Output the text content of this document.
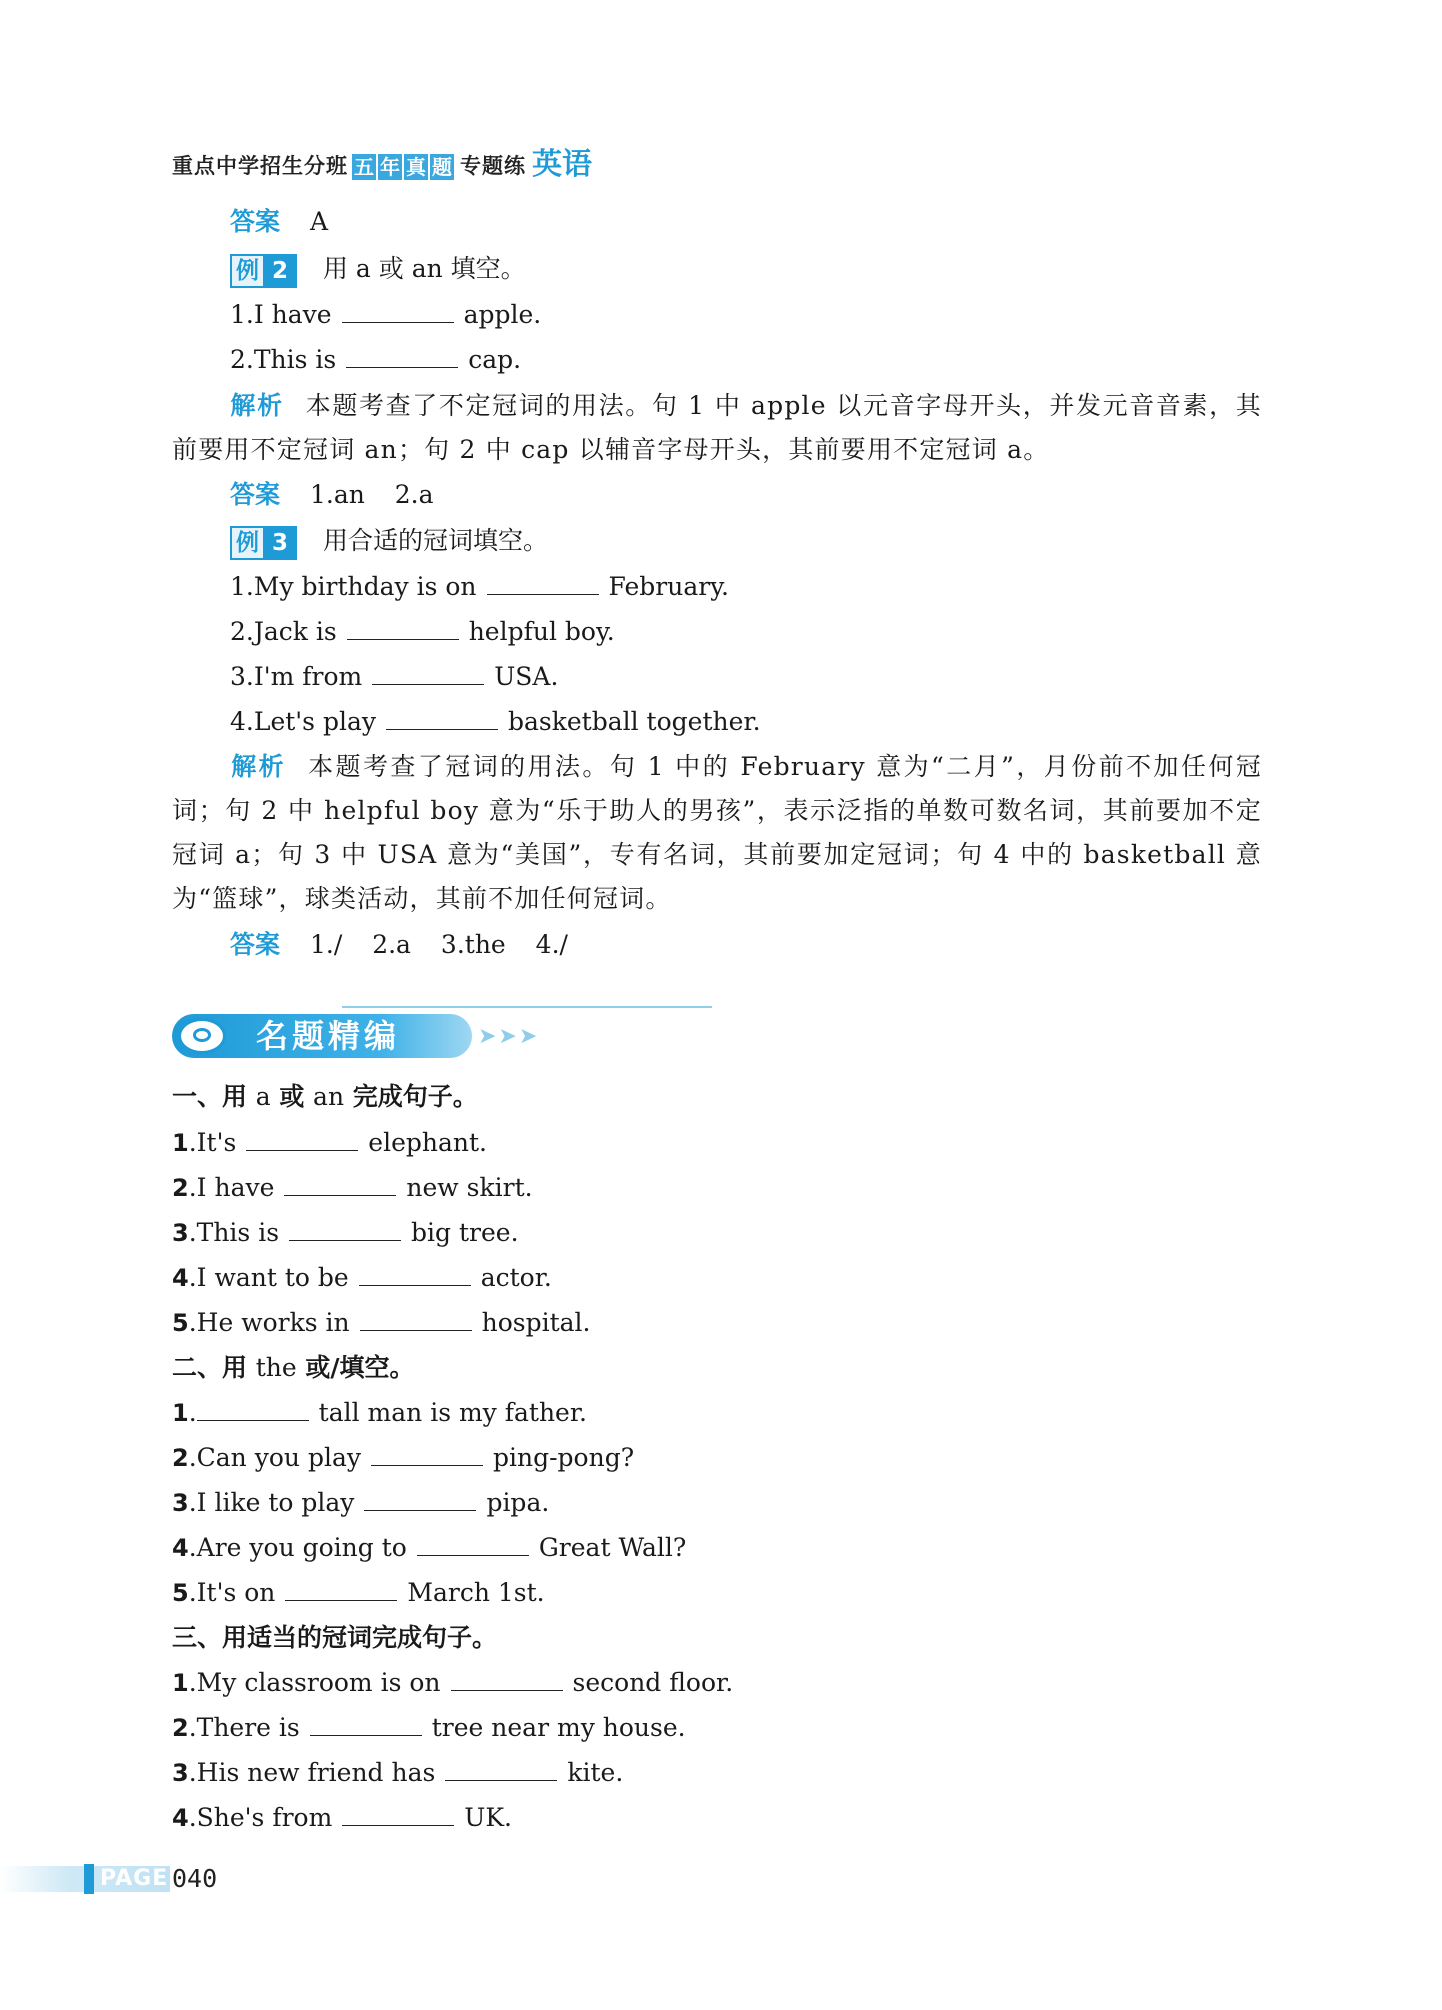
重点中学招生分班 五 年 真 题 专题练 英语
答案 A
例 2	用 a 或 an 填空。
1.I have	apple.
2.This is	cap.
解析 本题考查了不定冠词的用法。句 1 中 apple 以元音字母开头，并发元音音素，其前要用不定冠词 an；句 2 中 cap 以辅音字母开头，其前要用不定冠词 a。
答案 1.an 2.a
例 3	用合适的冠词填空。
1.My birthday is on	February.
2.Jack is	helpful boy.
3.I'm from	USA.
4.Let's play	basketball together.
解析 本题考查了冠词的用法。句 1 中的 February 意为“二月”，月份前不加任何冠词；句 2 中 helpful boy 意为“乐于助人的男孩”，表示泛指的单数可数名词，其前要加不定冠词 a；句 3 中 USA 意为“美国”，专有名词，其前要加定冠词；句 4 中的 basketball 意为“篮球”，球类活动，其前不加任何冠词。
答案 1./ 2.a 3.the 4./
名题精编	➤➤➤
一、用 a 或 an 完成句子。
1.It's	elephant.
2.I have	new skirt.
3.This is	big tree.
4.I want to be	actor.
5.He works in	hospital.
二、用 the 或/填空。
1.	tall man is my father.
2.Can you play	ping-pong?
3.I like to play	pipa.
4.Are you going to	Great Wall?
5.It's on	March 1st.
三、用适当的冠词完成句子。
1.My classroom is on	second floor.
2.There is	tree near my house.
3.His new friend has	kite.
4.She's from	UK.
PAGE 040
